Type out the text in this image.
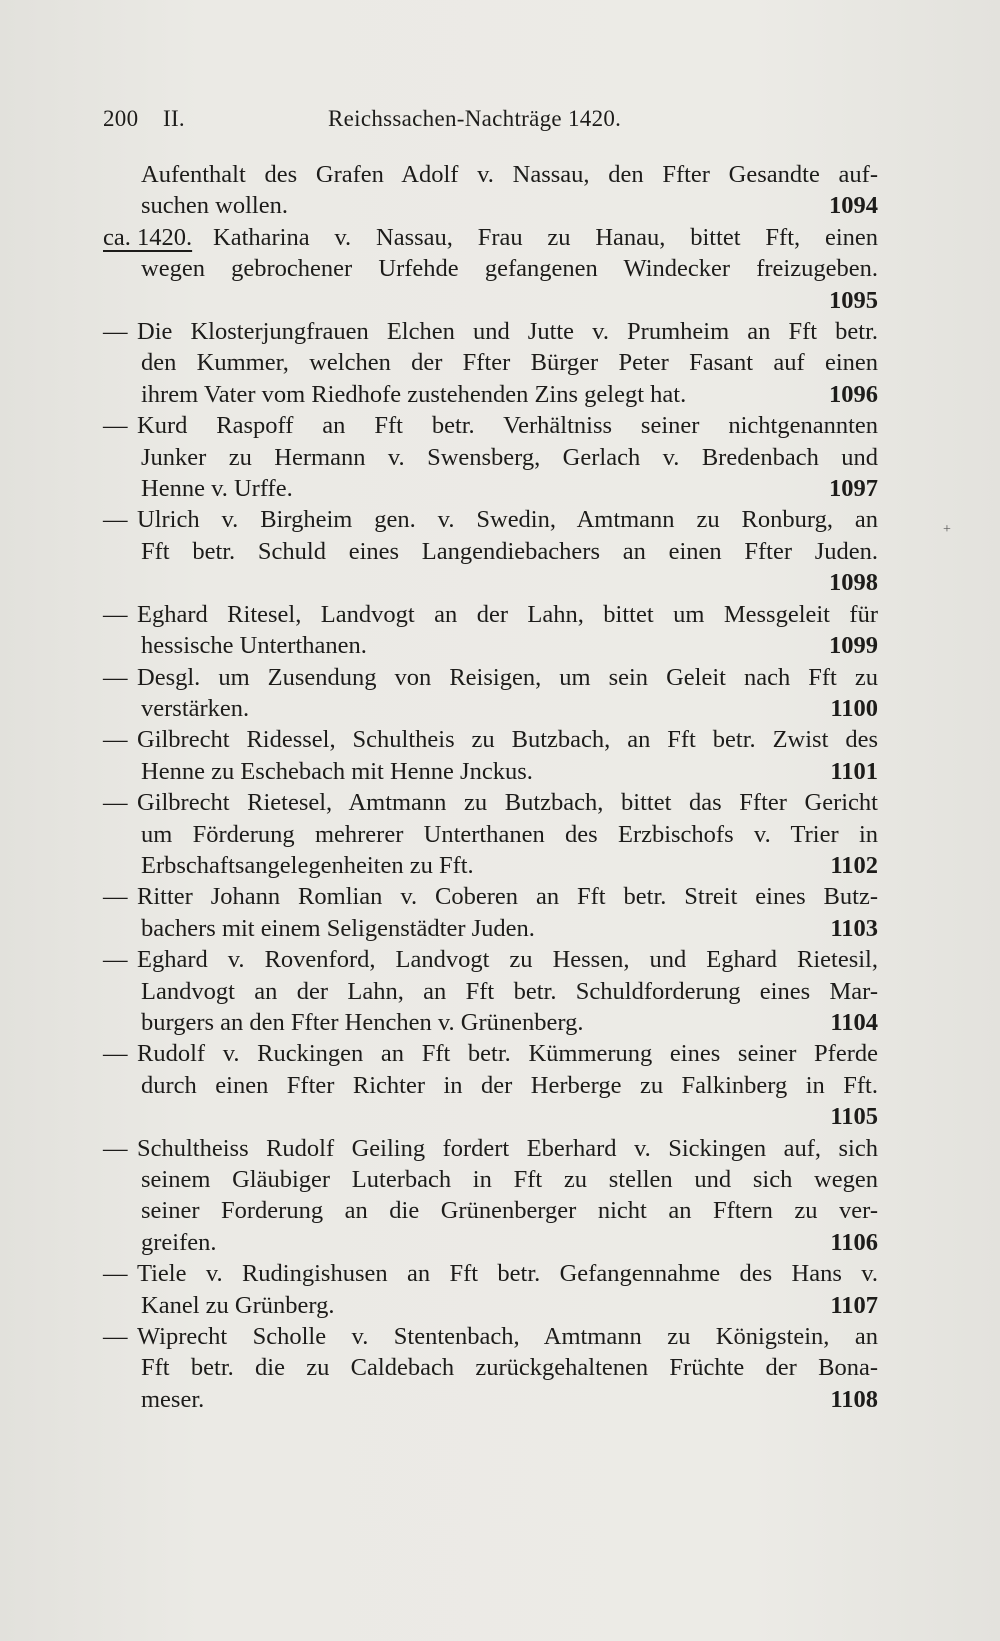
200 II.	Reichssachen-Nachträge 1420.
Aufenthalt des Grafen Adolf v. Nassau, den Ffter Gesandte auf-
suchen wollen.	1094
ca. 1420. Katharina v. Nassau, Frau zu Hanau, bittet Fft, einen
wegen gebrochener Urfehde gefangenen Windecker freizugeben.
1095
— Die Klosterjungfrauen Elchen und Jutte v. Prumheim an Fft betr.
den Kummer, welchen der Ffter Bürger Peter Fasant auf einen
ihrem Vater vom Riedhofe zustehenden Zins gelegt hat.	1096
— Kurd Raspoff an Fft betr. Verhältniss seiner nichtgenannten
Junker zu Hermann v. Swensberg, Gerlach v. Bredenbach und
Henne v. Urffe.	1097
— Ulrich v. Birgheim gen. v. Swedin, Amtmann zu Ronburg, an
Fft betr. Schuld eines Langendiebachers an einen Ffter Juden.
1098
— Eghard Ritesel, Landvogt an der Lahn, bittet um Messgeleit für
hessische Unterthanen.	1099
— Desgl. um Zusendung von Reisigen, um sein Geleit nach Fft zu
verstärken.	1100
— Gilbrecht Ridessel, Schultheis zu Butzbach, an Fft betr. Zwist des
Henne zu Eschebach mit Henne Jnckus.	1101
— Gilbrecht Rietesel, Amtmann zu Butzbach, bittet das Ffter Gericht
um Förderung mehrerer Unterthanen des Erzbischofs v. Trier in
Erbschaftsangelegenheiten zu Fft.	1102
— Ritter Johann Romlian v. Coberen an Fft betr. Streit eines Butz-
bachers mit einem Seligenstädter Juden.	1103
— Eghard v. Rovenford, Landvogt zu Hessen, und Eghard Rietesil,
Landvogt an der Lahn, an Fft betr. Schuldforderung eines Mar-
burgers an den Ffter Henchen v. Grünenberg.	1104
— Rudolf v. Ruckingen an Fft betr. Kümmerung eines seiner Pferde
durch einen Ffter Richter in der Herberge zu Falkinberg in Fft.
1105
— Schultheiss Rudolf Geiling fordert Eberhard v. Sickingen auf, sich
seinem Gläubiger Luterbach in Fft zu stellen und sich wegen
seiner Forderung an die Grünenberger nicht an Fftern zu ver-
greifen.	1106
— Tiele v. Rudingishusen an Fft betr. Gefangennahme des Hans v.
Kanel zu Grünberg.	1107
— Wiprecht Scholle v. Stentenbach, Amtmann zu Königstein, an
Fft betr. die zu Caldebach zurückgehaltenen Früchte der Bona-
meser.	1108
+
